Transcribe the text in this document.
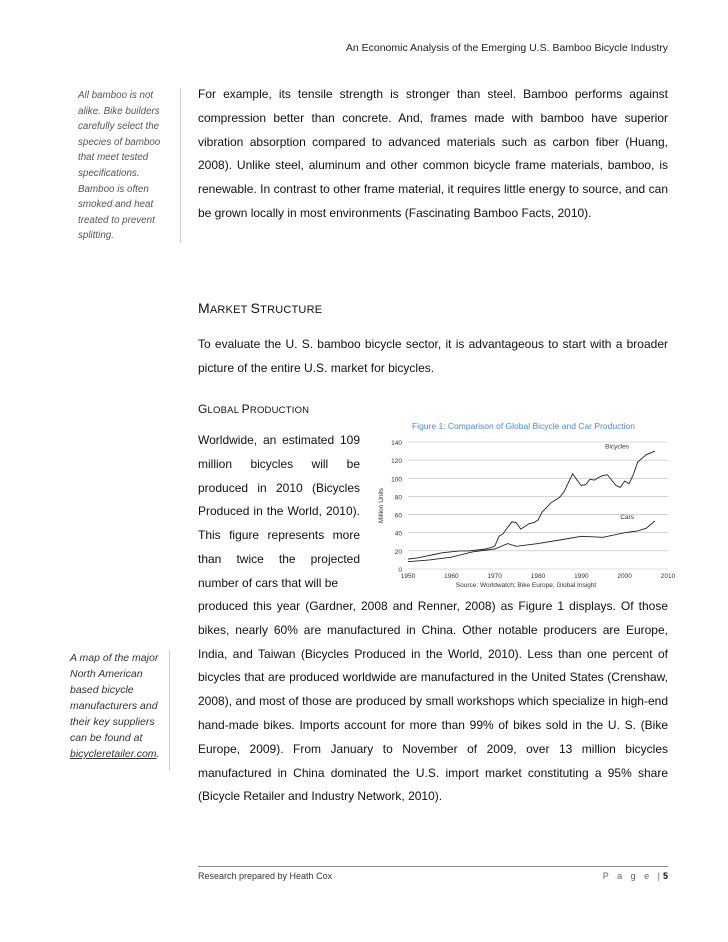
An Economic Analysis of the Emerging U.S. Bamboo Bicycle Industry
All bamboo is not alike. Bike builders carefully select the species of bamboo that meet tested specifications. Bamboo is often smoked and heat treated to prevent splitting.
For example, its tensile strength is stronger than steel. Bamboo performs against compression better than concrete. And, frames made with bamboo have superior vibration absorption compared to advanced materials such as carbon fiber (Huang, 2008). Unlike steel, aluminum and other common bicycle frame materials, bamboo, is renewable. In contrast to other frame material, it requires little energy to source, and can be grown locally in most environments (Fascinating Bamboo Facts, 2010).
MARKET STRUCTURE
To evaluate the U. S. bamboo bicycle sector, it is advantageous to start with a broader picture of the entire U.S. market for bicycles.
GLOBAL PRODUCTION
Worldwide, an estimated 109
million bicycles will be
produced in 2010 (Bicycles
Produced in the World, 2010).
This figure represents more
than twice the projected
number of cars that will be
Figure 1: Comparison of Global Bicycle and Car Production
0
20
40
60
80
100
120
140
1950	1960	1970	1980	1990	2000	2010
Million Units
Bicycles
Cars
Source: Worldwatch; Bike Europe; Global Insight
produced this year (Gardner, 2008 and Renner, 2008) as Figure 1 displays. Of those bikes, nearly 60% are manufactured in China. Other notable producers are Europe, India, and Taiwan (Bicycles Produced in the World, 2010). Less than one percent of bicycles that are produced worldwide are manufactured in the United States (Crenshaw, 2008), and most of those are produced by small workshops which specialize in high-end hand-made bikes. Imports account for more than 99% of bikes sold in the U. S. (Bike Europe, 2009). From January to November of 2009, over 13 million bicycles manufactured in China dominated the U.S. import market constituting a 95% share (Bicycle Retailer and Industry Network, 2010).
A map of the major North American based bicycle manufacturers and their key suppliers can be found at bicycleretailer.com.
Research prepared by Heath Cox	P a g e |5
